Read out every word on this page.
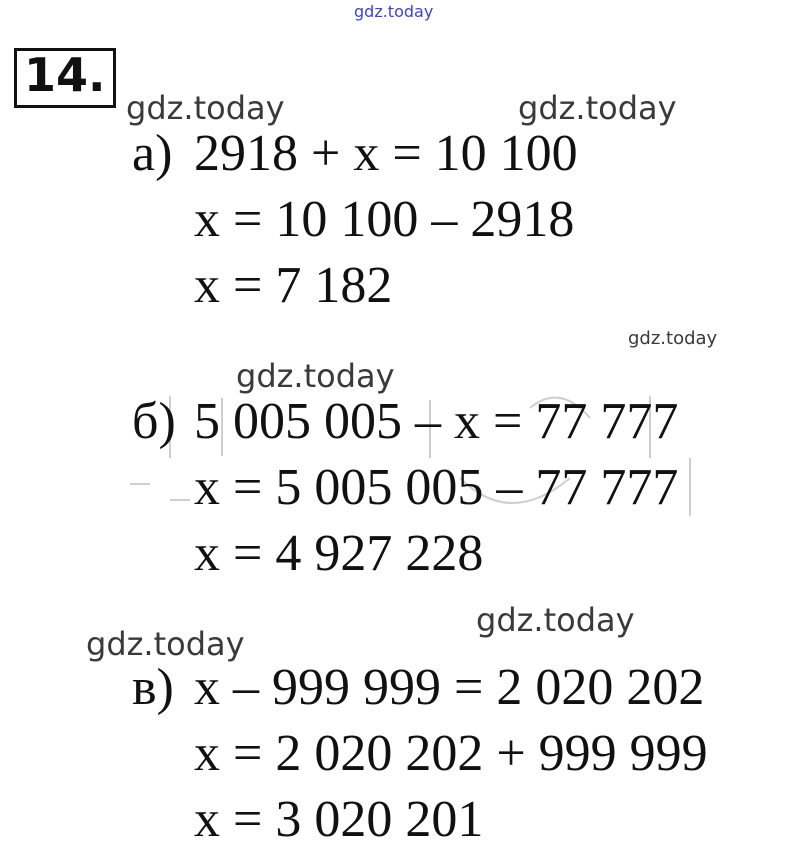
gdz.today
gdz.today	gdz.today
gdz.today
gdz.today
gdz.today
gdz.today
14.
а) 2918 + x = 10 100
x = 10 100 – 2918
x = 7 182
б) 5 005 005 – x = 77 777
x = 5 005 005 – 77 777
x = 4 927 228
в) x – 999 999 = 2 020 202
x = 2 020 202 + 999 999
x = 3 020 201
